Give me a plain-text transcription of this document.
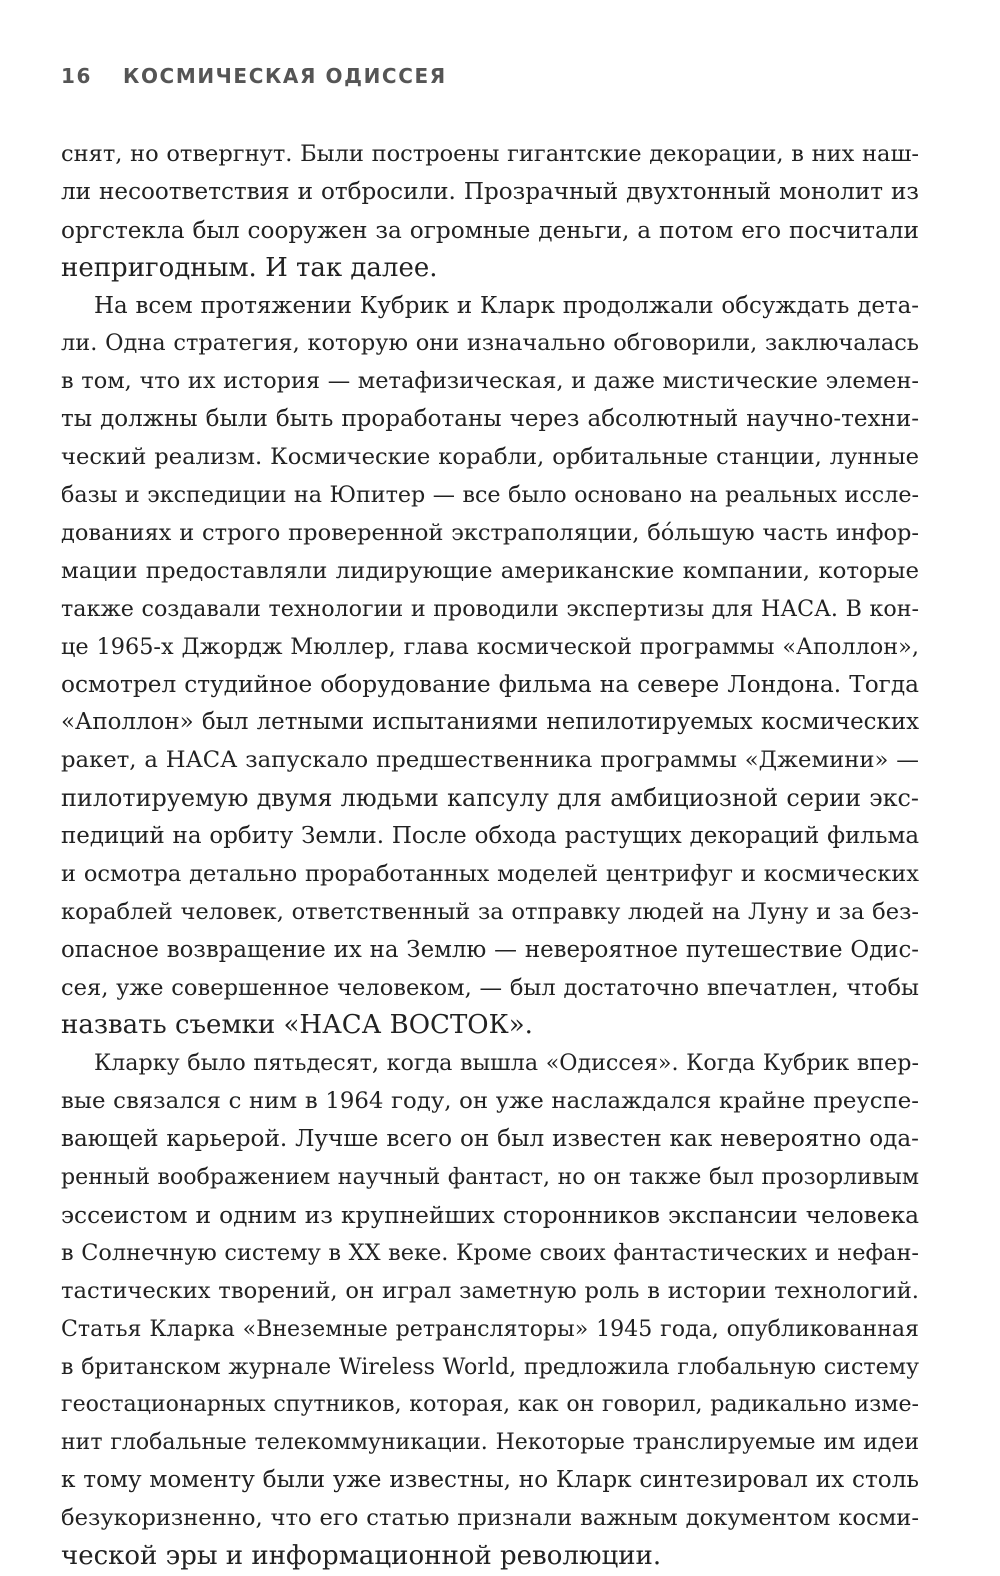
16 КОСМИЧЕСКАЯ ОДИССЕЯ
снят, но отвергнут. Были построены гигантские декорации, в них наш-
ли несоответствия и отбросили. Прозрачный двухтонный монолит из
оргстекла был сооружен за огромные деньги, а потом его посчитали
непригодным. И так далее.
На всем протяжении Кубрик и Кларк продолжали обсуждать дета-
ли. Одна стратегия, которую они изначально обговорили, заключалась
в том, что их история — метафизическая, и даже мистические элемен-
ты должны были быть проработаны через абсолютный научно-техни-
ческий реализм. Космические корабли, орбитальные станции, лунные
базы и экспедиции на Юпитер — все было основано на реальных иссле-
дованиях и строго проверенной экстраполяции, бо́льшую часть инфор-
мации предоставляли лидирующие американские компании, которые
также создавали технологии и проводили экспертизы для НАСА. В кон-
це 1965-х Джордж Мюллер, глава космической программы «Аполлон»,
осмотрел студийное оборудование фильма на севере Лондона. Тогда
«Аполлон» был летными испытаниями непилотируемых космических
ракет, а НАСА запускало предшественника программы «Джемини» —
пилотируемую двумя людьми капсулу для амбициозной серии экс-
педиций на орбиту Земли. После обхода растущих декораций фильма
и осмотра детально проработанных моделей центрифуг и космических
кораблей человек, ответственный за отправку людей на Луну и за без-
опасное возвращение их на Землю — невероятное путешествие Одис-
сея, уже совершенное человеком, — был достаточно впечатлен, чтобы
назвать съемки «НАСА ВОСТОК».
Кларку было пятьдесят, когда вышла «Одиссея». Когда Кубрик впер-
вые связался с ним в 1964 году, он уже наслаждался крайне преуспе-
вающей карьерой. Лучше всего он был известен как невероятно ода-
ренный воображением научный фантаст, но он также был прозорливым
эссеистом и одним из крупнейших сторонников экспансии человека
в Солнечную систему в XX веке. Кроме своих фантастических и нефан-
тастических творений, он играл заметную роль в истории технологий.
Статья Кларка «Внеземные ретрансляторы» 1945 года, опубликованная
в британском журнале Wireless World, предложила глобальную систему
геостационарных спутников, которая, как он говорил, радикально изме-
нит глобальные телекоммуникации. Некоторые транслируемые им идеи
к тому моменту были уже известны, но Кларк синтезировал их столь
безукоризненно, что его статью признали важным документом косми-
ческой эры и информационной революции.
